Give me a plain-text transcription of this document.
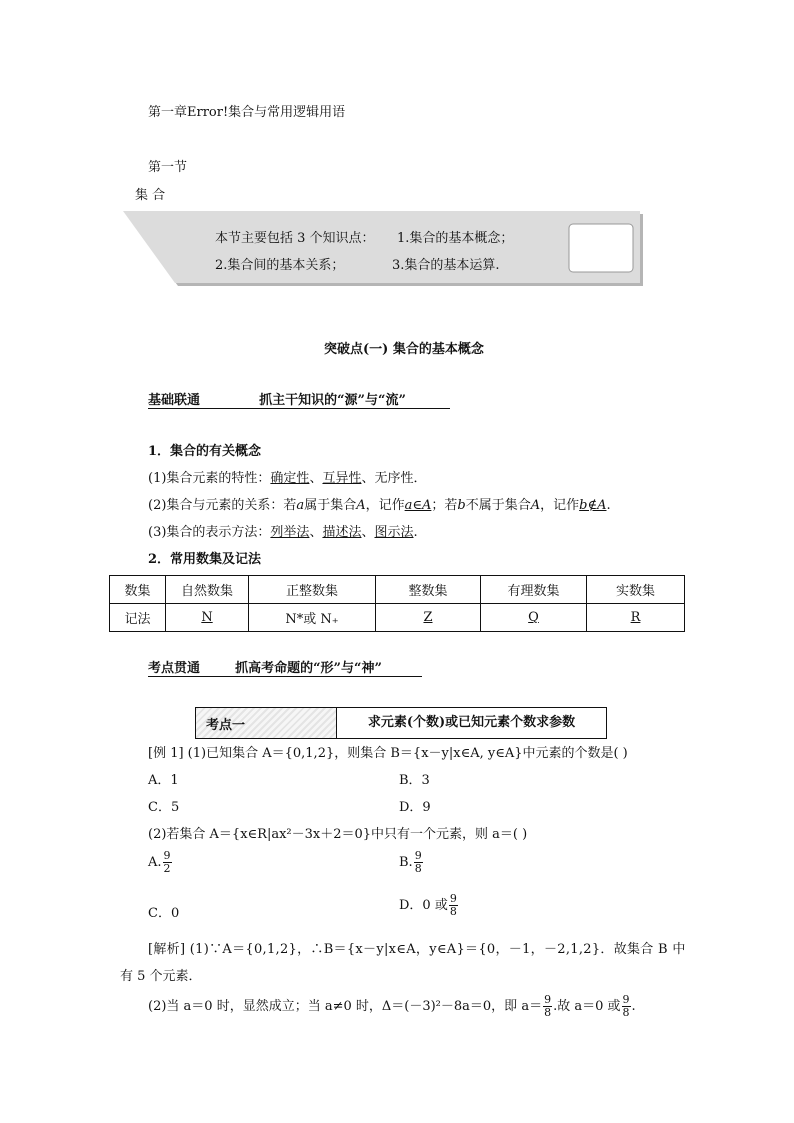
第一章Error!集合与常用逻辑用语
第一节
集 合
本节主要包括 3 个知识点： 1.集合的基本概念；
2.集合间的基本关系；	3.集合的基本运算.
突破点(一) 集合的基本概念
基础联通	抓主干知识的“源”与“流”
1．集合的有关概念
(1)集合元素的特性：确定性、互异性、无序性．
(2)集合与元素的关系：若a属于集合A，记作a∈A；若b不属于集合A，记作b∉A.
(3)集合的表示方法：列举法、描述法、图示法.
2．常用数集及记法
数集	自然数集	正整数集	整数集	有理数集	实数集
记法	N	N*或 N₊	Z	Q	R
考点贯通	抓高考命题的“形”与“神”
考点一	求元素(个数)或已知元素个数求参数
[例 1] (1)已知集合 A＝{0,1,2}，则集合 B＝{x－y|x∈A, y∈A}中元素的个数是( )
A．1	B．3
C．5	D．9
(2)若集合 A＝{x∈R|ax²－3x＋2＝0}中只有一个元素，则 a＝( )
A. $\frac{9}{2}$	B. $\frac{9}{8}$
C．0
D．0 或 $\frac{9}{8}$
[解析] (1)∵A＝{0,1,2}，∴B＝{x－y|x∈A，y∈A}＝{0，－1，－2,1,2}．故集合 B 中
有 5 个元素．
(2)当 a＝0 时，显然成立；当 a≠0 时，Δ＝(－3)²－8a＝0，即 $a= \frac{9}{8}$ .故 a＝0 或 $\frac{9}{8}$ .
